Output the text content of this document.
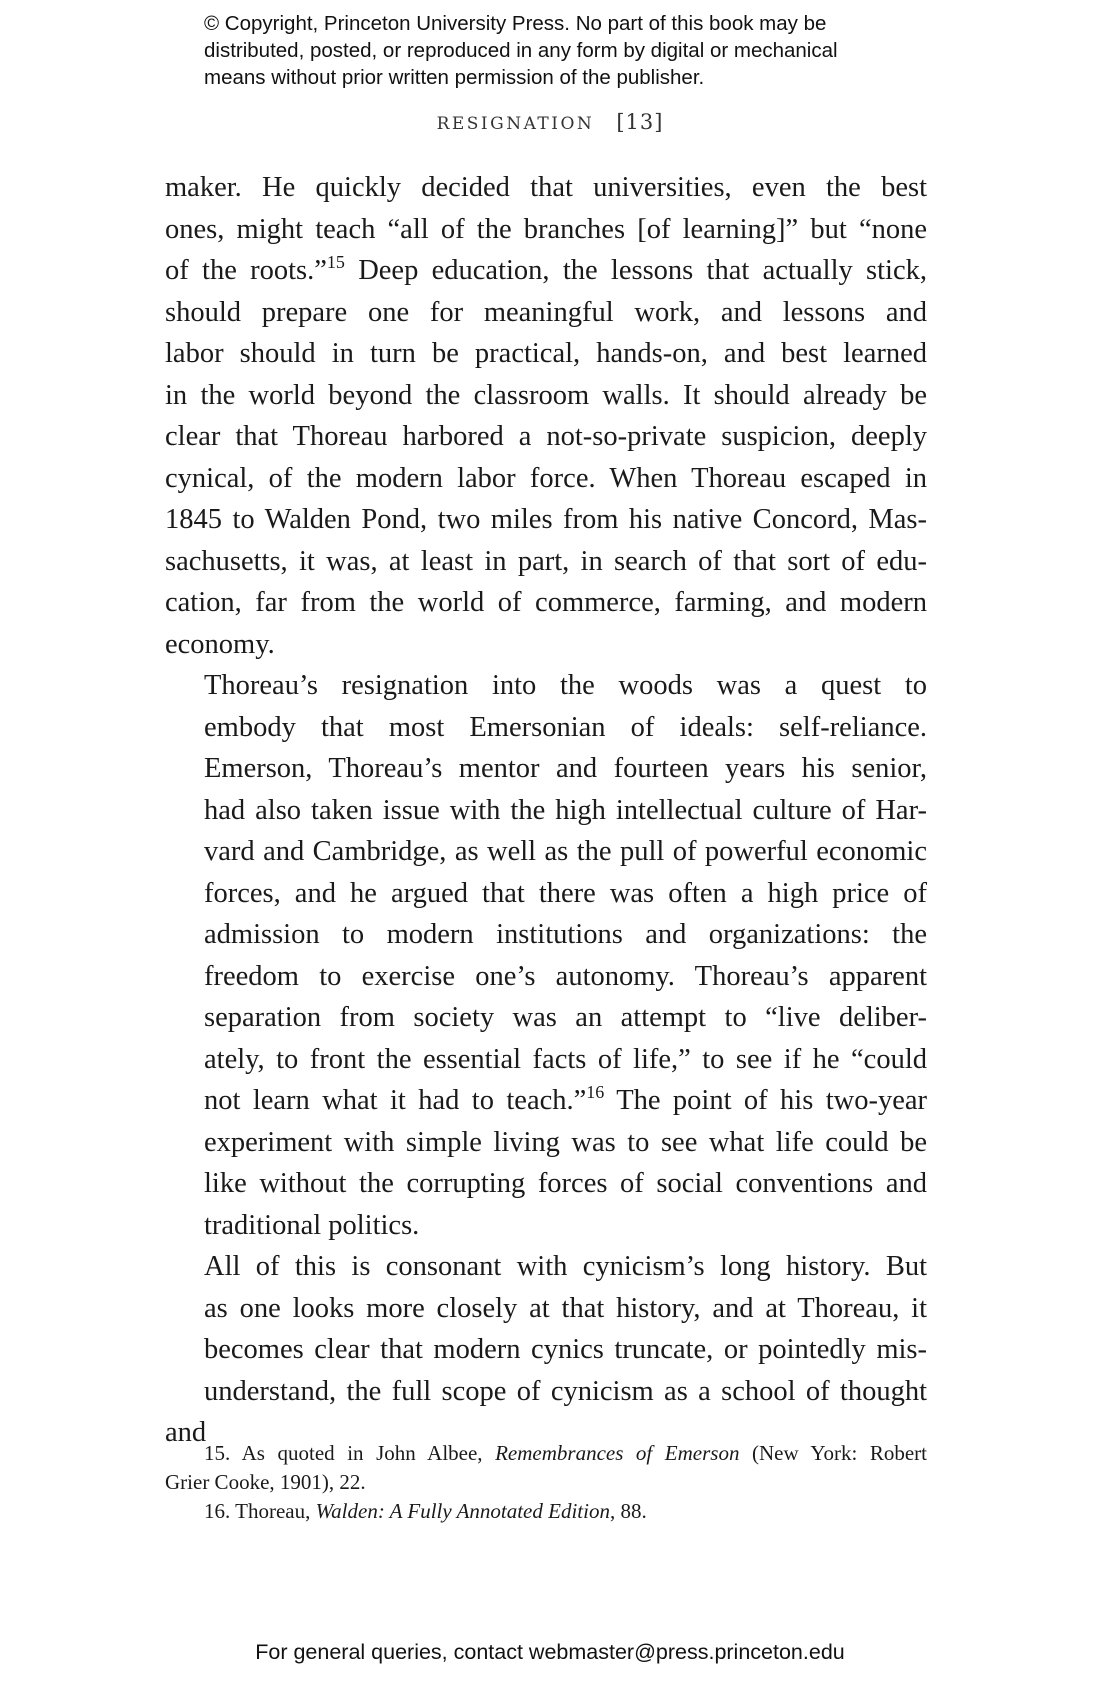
© Copyright, Princeton University Press. No part of this book may be
distributed, posted, or reproduced in any form by digital or mechanical
means without prior written permission of the publisher.
RESIGNATION [13]

maker. He quickly decided that universities, even the best
ones, might teach “all of the branches [of learning]” but “none
of the roots.”$^{15}$ Deep education, the lessons that actually stick,
should prepare one for meaningful work, and lessons and
labor should in turn be practical, hands-on, and best learned
in the world beyond the classroom walls. It should already be
clear that Thoreau harbored a not-so-private suspicion, deeply
cynical, of the modern labor force. When Thoreau escaped in
1845 to Walden Pond, two miles from his native Concord, Mas-
sachusetts, it was, at least in part, in search of that sort of edu-
cation, far from the world of commerce, farming, and modern
economy.

Thoreau’s resignation into the woods was a quest to
embody that most Emersonian of ideals: self-reliance.
Emerson, Thoreau’s mentor and fourteen years his senior,
had also taken issue with the high intellectual culture of Har-
vard and Cambridge, as well as the pull of powerful economic
forces, and he argued that there was often a high price of
admission to modern institutions and organizations: the
freedom to exercise one’s autonomy. Thoreau’s apparent
separation from society was an attempt to “live deliber-
ately, to front the essential facts of life,” to see if he “could
not learn what it had to teach.”$^{16}$ The point of his two-year
experiment with simple living was to see what life could be
like without the corrupting forces of social conventions and
traditional politics.

All of this is consonant with cynicism’s long history. But
as one looks more closely at that history, and at Thoreau, it
becomes clear that modern cynics truncate, or pointedly mis-
understand, the full scope of cynicism as a school of thought and

15. As quoted in John Albee, Remembrances of Emerson (New York: Robert
Grier Cooke, 1901), 22.

16. Thoreau, Walden: A Fully Annotated Edition, 88.

For general queries, contact webmaster@press.princeton.edu
